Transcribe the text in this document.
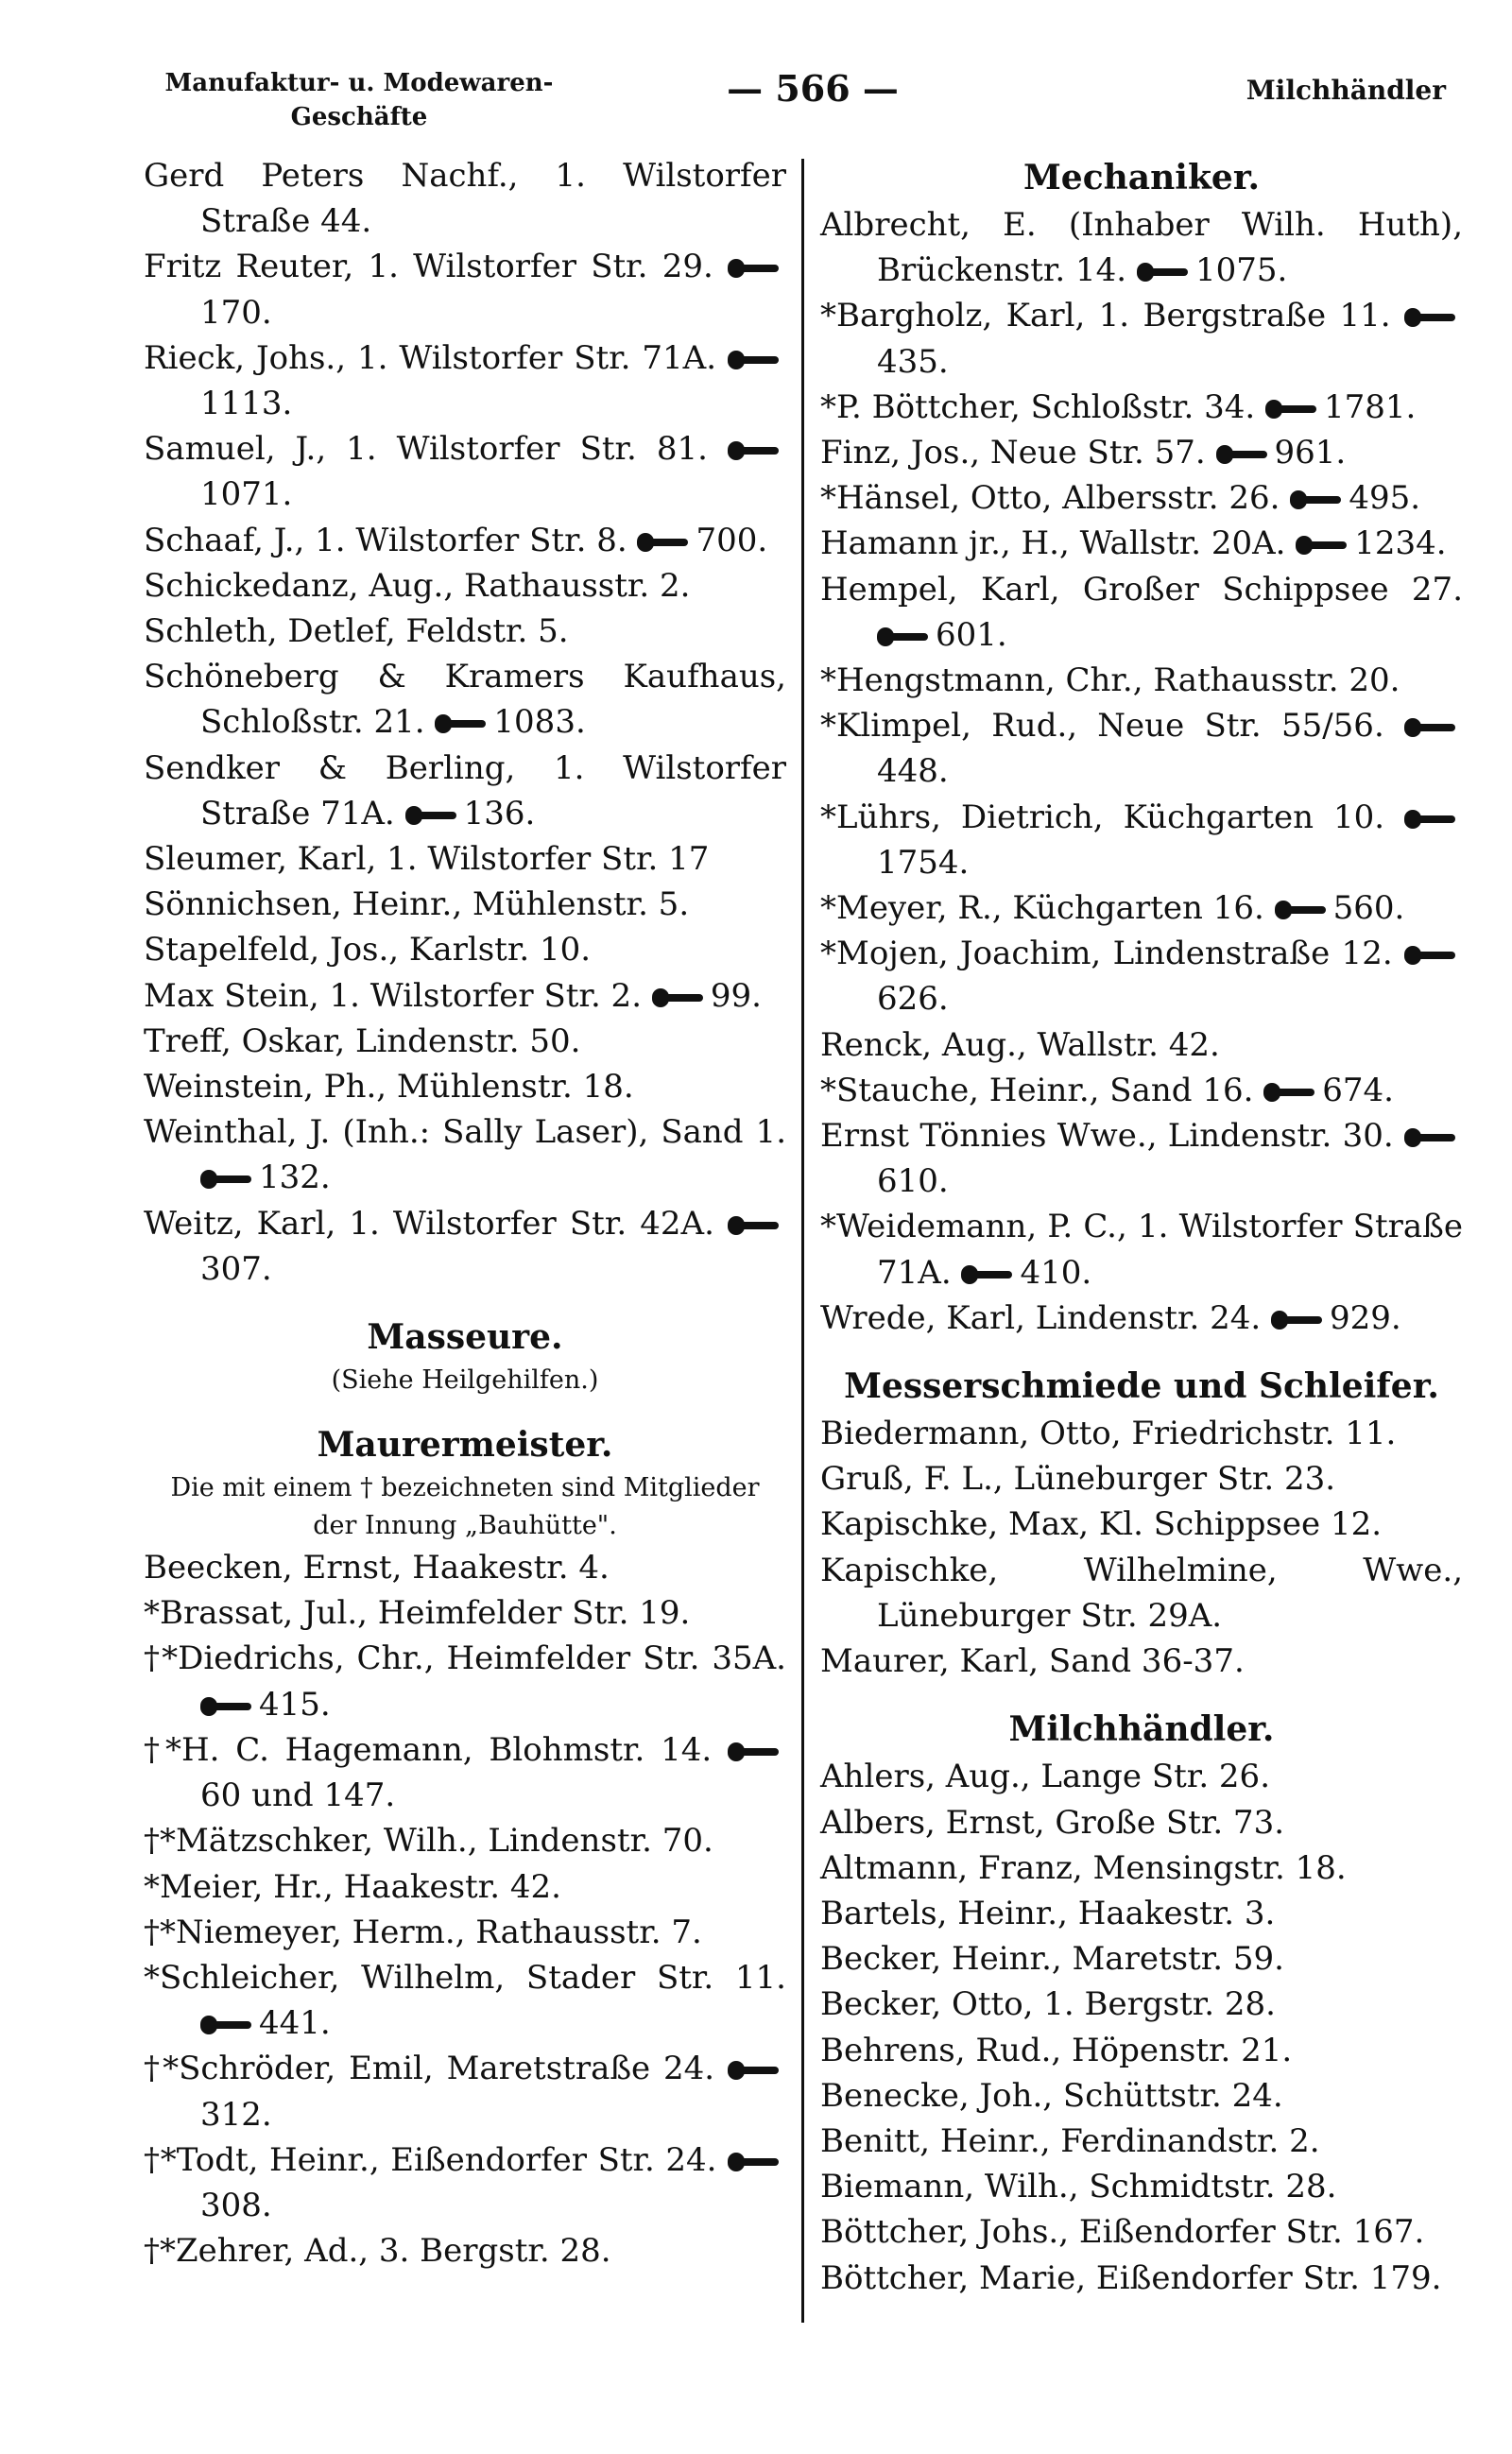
Manufaktur- u. Modewaren-Geschäfte
— 566 —	Milchhändler
Gerd Peters Nachf., 1. Wilstorfer Straße 44.
Fritz Reuter, 1. Wilstorfer Str. 29. 170.
Rieck, Johs., 1. Wilstorfer Str. 71A. 1113.
Samuel, J., 1. Wilstorfer Str. 81. 1071.
Schaaf, J., 1. Wilstorfer Str. 8. 700.
Schickedanz, Aug., Rathausstr. 2.
Schleth, Detlef, Feldstr. 5.
Schöneberg & Kramers Kaufhaus, Schloßstr. 21. 1083.
Sendker & Berling, 1. Wilstorfer Straße 71A. 136.
Sleumer, Karl, 1. Wilstorfer Str. 17
Sönnichsen, Heinr., Mühlenstr. 5.
Stapelfeld, Jos., Karlstr. 10.
Max Stein, 1. Wilstorfer Str. 2. 99.
Treff, Oskar, Lindenstr. 50.
Weinstein, Ph., Mühlenstr. 18.
Weinthal, J. (Inh.: Sally Laser), Sand 1. 132.
Weitz, Karl, 1. Wilstorfer Str. 42A. 307.
Masseure.
(Siehe Heilgehilfen.)
Maurermeister.
Die mit einem † bezeichneten sind Mitglieder der Innung „Bauhütte".
Beecken, Ernst, Haakestr. 4.
*Brassat, Jul., Heimfelder Str. 19.
†*Diedrichs, Chr., Heimfelder Str. 35A. 415.
†*H. C. Hagemann, Blohmstr. 14. 60 und 147.
†*Mätzschker, Wilh., Lindenstr. 70.
*Meier, Hr., Haakestr. 42.
†*Niemeyer, Herm., Rathausstr. 7.
*Schleicher, Wilhelm, Stader Str. 11. 441.
†*Schröder, Emil, Maretstraße 24. 312.
†*Todt, Heinr., Eißendorfer Str. 24. 308.
†*Zehrer, Ad., 3. Bergstr. 28.
Mechaniker.
Albrecht, E. (Inhaber Wilh. Huth), Brückenstr. 14. 1075.
*Bargholz, Karl, 1. Bergstraße 11. 435.
*P. Böttcher, Schloßstr. 34. 1781.
Finz, Jos., Neue Str. 57. 961.
*Hänsel, Otto, Albersstr. 26. 495.
Hamann jr., H., Wallstr. 20A. 1234.
Hempel, Karl, Großer Schippsee 27. 601.
*Hengstmann, Chr., Rathausstr. 20.
*Klimpel, Rud., Neue Str. 55/56. 448.
*Lührs, Dietrich, Küchgarten 10. 1754.
*Meyer, R., Küchgarten 16. 560.
*Mojen, Joachim, Lindenstraße 12. 626.
Renck, Aug., Wallstr. 42.
*Stauche, Heinr., Sand 16. 674.
Ernst Tönnies Wwe., Lindenstr. 30. 610.
*Weidemann, P. C., 1. Wilstorfer Straße 71A. 410.
Wrede, Karl, Lindenstr. 24. 929.
Messerschmiede und Schleifer.
Biedermann, Otto, Friedrichstr. 11.
Gruß, F. L., Lüneburger Str. 23.
Kapischke, Max, Kl. Schippsee 12.
Kapischke, Wilhelmine, Wwe., Lüneburger Str. 29A.
Maurer, Karl, Sand 36-37.
Milchhändler.
Ahlers, Aug., Lange Str. 26.
Albers, Ernst, Große Str. 73.
Altmann, Franz, Mensingstr. 18.
Bartels, Heinr., Haakestr. 3.
Becker, Heinr., Maretstr. 59.
Becker, Otto, 1. Bergstr. 28.
Behrens, Rud., Höpenstr. 21.
Benecke, Joh., Schüttstr. 24.
Benitt, Heinr., Ferdinandstr. 2.
Biemann, Wilh., Schmidtstr. 28.
Böttcher, Johs., Eißendorfer Str. 167.
Böttcher, Marie, Eißendorfer Str. 179.
